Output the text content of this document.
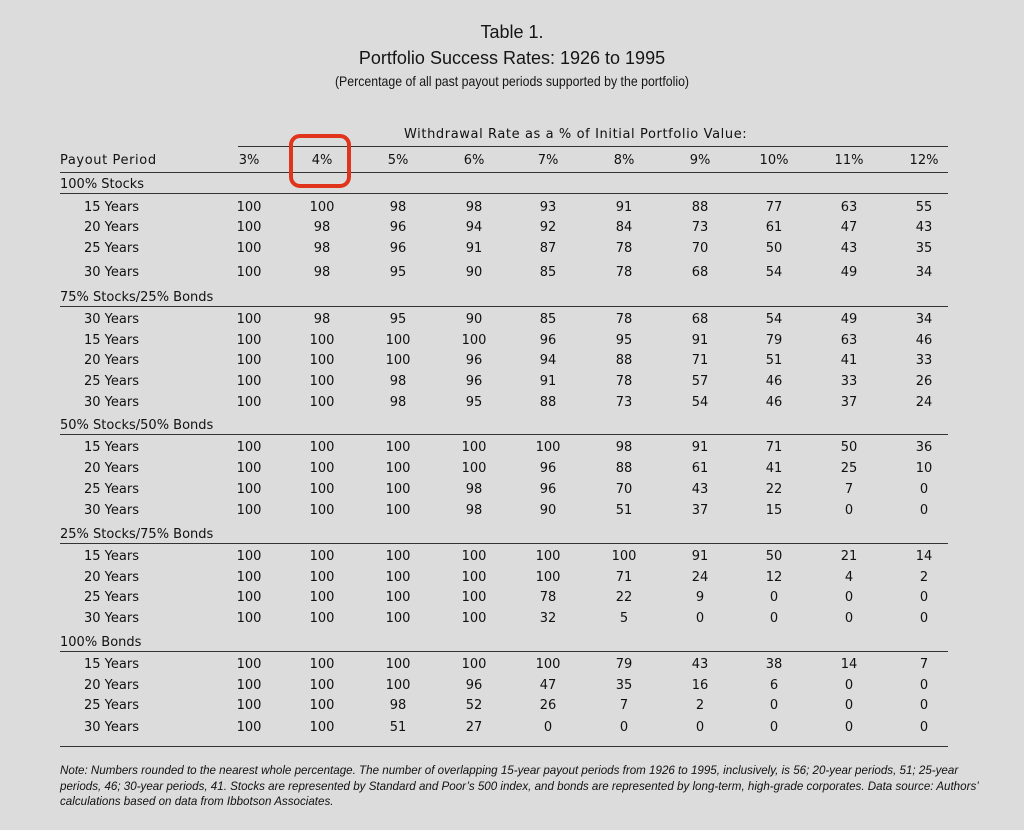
Table 1.
Portfolio Success Rates: 1926 to 1995
(Percentage of all past payout periods supported by the portfolio)
Withdrawal Rate as a % of Initial Portfolio Value:
Payout Period	3%	4%	5%	6%	7%	8%	9%	10%	11%	12%
100% Stocks
15 Years	100	100	98	98	93	91	88	77	63	55
20 Years	100	98	96	94	92	84	73	61	47	43
25 Years	100	98	96	91	87	78	70	50	43	35
30 Years	100	98	95	90	85	78	68	54	49	34
75% Stocks/25% Bonds
30 Years	100	98	95	90	85	78	68	54	49	34
15 Years	100	100	100	100	96	95	91	79	63	46
20 Years	100	100	100	96	94	88	71	51	41	33
25 Years	100	100	98	96	91	78	57	46	33	26
30 Years	100	100	98	95	88	73	54	46	37	24
50% Stocks/50% Bonds
15 Years	100	100	100	100	100	98	91	71	50	36
20 Years	100	100	100	100	96	88	61	41	25	10
25 Years	100	100	100	98	96	70	43	22	7	0
30 Years	100	100	100	98	90	51	37	15	0	0
25% Stocks/75% Bonds
15 Years	100	100	100	100	100	100	91	50	21	14
20 Years	100	100	100	100	100	71	24	12	4	2
25 Years	100	100	100	100	78	22	9	0	0	0
30 Years	100	100	100	100	32	5	0	0	0	0
100% Bonds
15 Years	100	100	100	100	100	79	43	38	14	7
20 Years	100	100	100	96	47	35	16	6	0	0
25 Years	100	100	98	52	26	7	2	0	0	0
30 Years	100	100	51	27	0	0	0	0	0	0
Note: Numbers rounded to the nearest whole percentage. The number of overlapping 15-year payout periods from 1926 to 1995, inclusively, is 56; 20-year periods, 51; 25-year periods, 46; 30-year periods, 41. Stocks are represented by Standard and Poor’s 500 index, and bonds are represented by long-term, high-grade corporates. Data source: Authors’ calculations based on data from Ibbotson Associates.
